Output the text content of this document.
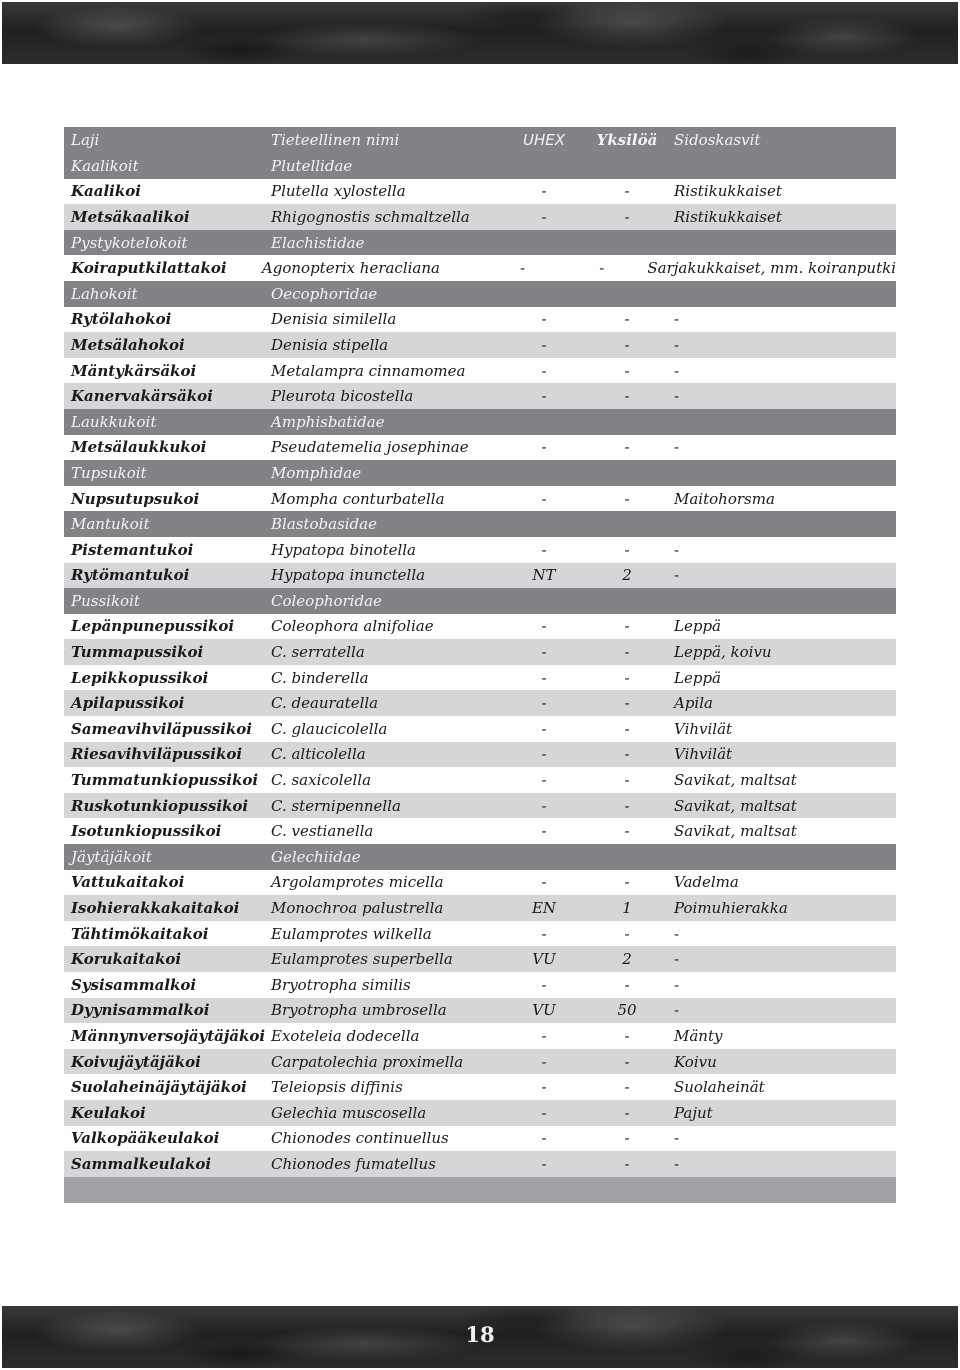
Laji	Tieteellinen nimi	UHEX	Yksilöä	Sidoskasvit
Kaalikoit	Plutellidae
Kaalikoi	Plutella xylostella	-	-	Ristikukkaiset
Metsäkaalikoi	Rhigognostis schmaltzella	-	-	Ristikukkaiset
Pystykotelokoit	Elachistidae
Koiraputkilattakoi	Agonopterix heracliana	-	-	Sarjakukkaiset, mm. koiranputki
Lahokoit	Oecophoridae
Rytölahokoi	Denisia similella	-	-	-
Metsälahokoi	Denisia stipella	-	-	-
Mäntykärsäkoi	Metalampra cinnamomea	-	-	-
Kanervakärsäkoi	Pleurota bicostella	-	-	-
Laukkukoit	Amphisbatidae
Metsälaukkukoi	Pseudatemelia josephinae	-	-	-
Tupsukoit	Momphidae
Nupsutupsukoi	Mompha conturbatella	-	-	Maitohorsma
Mantukoit	Blastobasidae
Pistemantukoi	Hypatopa binotella	-	-	-
Rytömantukoi	Hypatopa inunctella	NT	2	-
Pussikoit	Coleophoridae
Lepänpunepussikoi	Coleophora alnifoliae	-	-	Leppä
Tummapussikoi	C. serratella	-	-	Leppä, koivu
Lepikkopussikoi	C. binderella	-	-	Leppä
Apilapussikoi	C. deauratella	-	-	Apila
Sameavihviläpussikoi	C. glaucicolella	-	-	Vihvilät
Riesavihviläpussikoi	C. alticolella	-	-	Vihvilät
Tummatunkiopussikoi C. saxicolella	-	-	Savikat, maltsat
Ruskotunkiopussikoi	C. sternipennella	-	-	Savikat, maltsat
Isotunkiopussikoi	C. vestianella	-	-	Savikat, maltsat
Jäytäjäkoit	Gelechiidae
Vattukaitakoi	Argolamprotes micella	-	-	Vadelma
Isohierakkakaitakoi	Monochroa palustrella	EN	1	Poimuhierakka
Tähtimökaitakoi	Eulamprotes wilkella	-	-	-
Korukaitakoi	Eulamprotes superbella	VU	2	-
Sysisammalkoi	Bryotropha similis	-	-	-
Dyynisammalkoi	Bryotropha umbrosella	VU	50	-
Männynversojäytäjäkoi Exoteleia dodecella	-	-	Mänty
Koivujäytäjäkoi	Carpatolechia proximella	-	-	Koivu
Suolaheinäjäytäjäkoi	Teleiopsis diffinis	-	-	Suolaheinät
Keulakoi	Gelechia muscosella	-	-	Pajut
Valkopääkeulakoi	Chionodes continuellus	-	-	-
Sammalkeulakoi	Chionodes fumatellus	-	-	-
18
